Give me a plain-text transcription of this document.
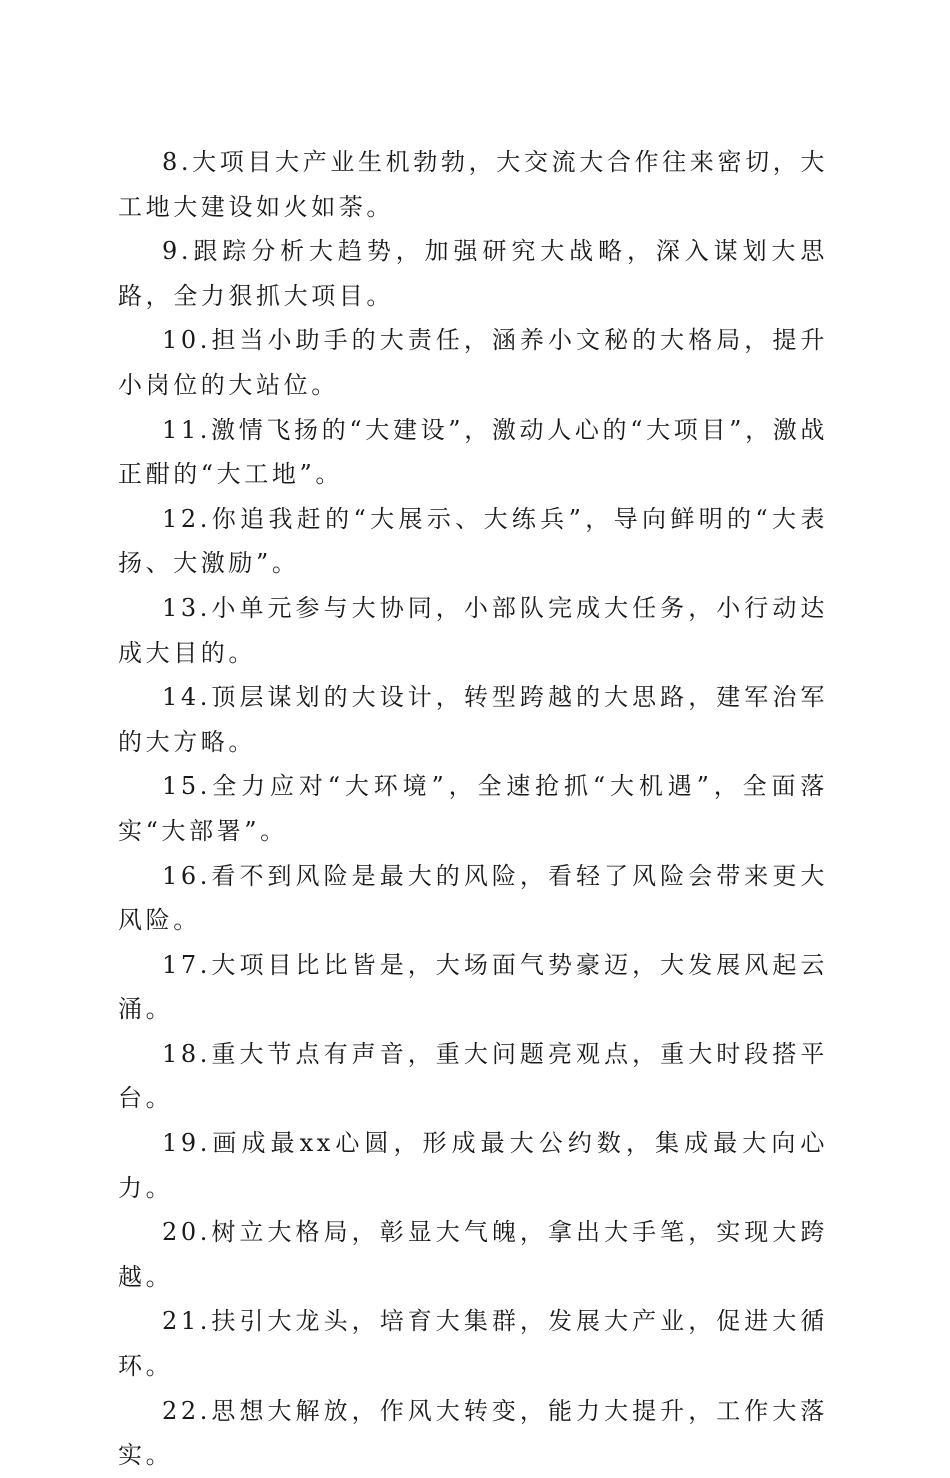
8.大项目大产业生机勃勃，大交流大合作往来密切，大工地大建设如火如荼。

9.跟踪分析大趋势，加强研究大战略，深入谋划大思路，全力狠抓大项目。

10.担当小助手的大责任，涵养小文秘的大格局，提升小岗位的大站位。

11.激情飞扬的“大建设”，激动人心的“大项目”，激战正酣的“大工地”。

12.你追我赶的“大展示、大练兵”，导向鲜明的“大表扬、大激励”。

13.小单元参与大协同，小部队完成大任务，小行动达成大目的。

14.顶层谋划的大设计，转型跨越的大思路，建军治军的大方略。

15.全力应对“大环境”，全速抢抓“大机遇”，全面落实“大部署”。

16.看不到风险是最大的风险，看轻了风险会带来更大风险。

17.大项目比比皆是，大场面气势豪迈，大发展风起云涌。

18.重大节点有声音，重大问题亮观点，重大时段搭平台。

19.画成最xx心圆，形成最大公约数，集成最大向心力。

20.树立大格局，彰显大气魄，拿出大手笔，实现大跨越。

21.扶引大龙头，培育大集群，发展大产业，促进大循环。

22.思想大解放，作风大转变，能力大提升，工作大落实。
